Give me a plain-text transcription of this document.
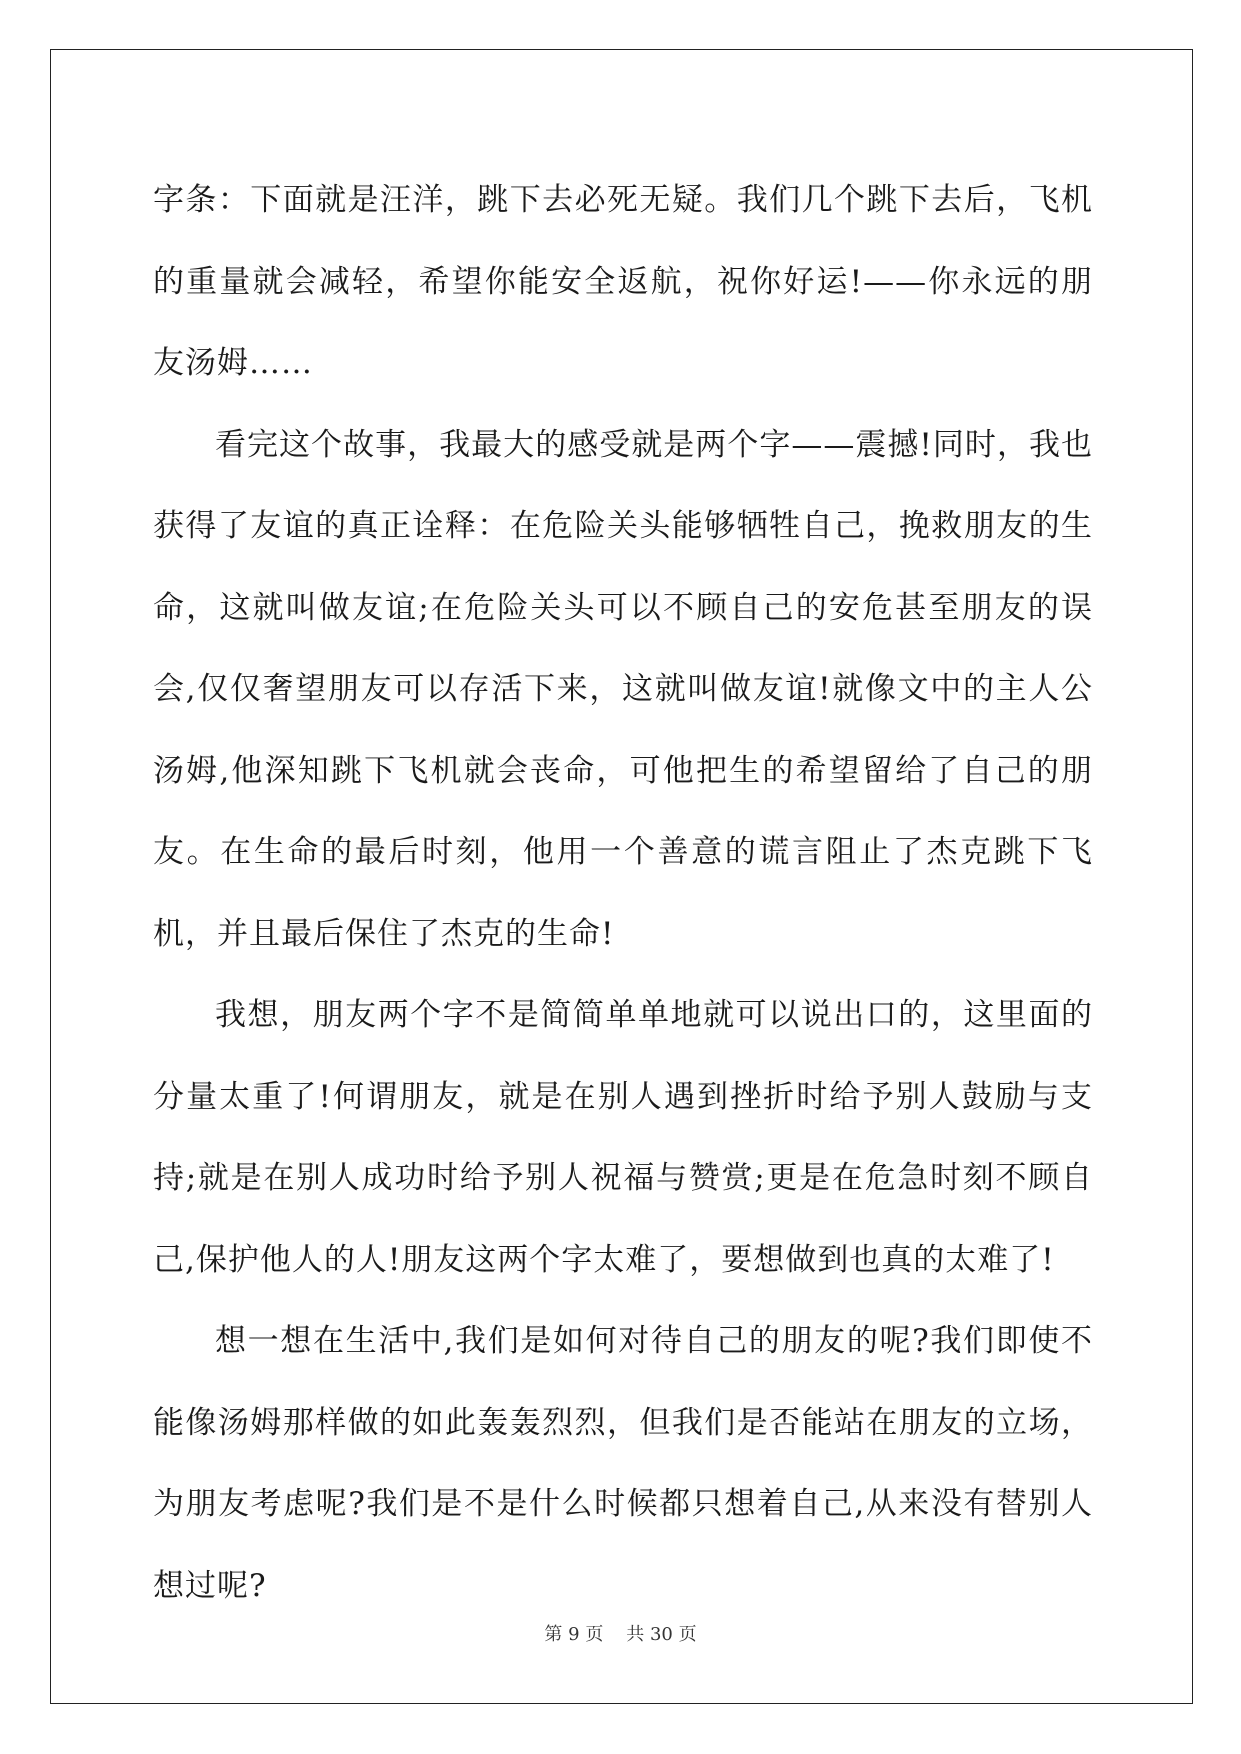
字条：下面就是汪洋，跳下去必死无疑。我们几个跳下去后，飞机的重量就会减轻，希望你能安全返航，祝你好运!——你永远的朋友汤姆……

看完这个故事，我最大的感受就是两个字——震撼!同时，我也获得了友谊的真正诠释：在危险关头能够牺牲自己，挽救朋友的生命，这就叫做友谊;在危险关头可以不顾自己的安危甚至朋友的误会,仅仅奢望朋友可以存活下来，这就叫做友谊!就像文中的主人公汤姆,他深知跳下飞机就会丧命，可他把生的希望留给了自己的朋友。在生命的最后时刻，他用一个善意的谎言阻止了杰克跳下飞机，并且最后保住了杰克的生命!

我想，朋友两个字不是简简单单地就可以说出口的，这里面的分量太重了!何谓朋友，就是在别人遇到挫折时给予别人鼓励与支持;就是在别人成功时给予别人祝福与赞赏;更是在危急时刻不顾自己,保护他人的人!朋友这两个字太难了，要想做到也真的太难了!

想一想在生活中,我们是如何对待自己的朋友的呢?我们即使不能像汤姆那样做的如此轰轰烈烈，但我们是否能站在朋友的立场，为朋友考虑呢?我们是不是什么时候都只想着自己,从来没有替别人想过呢?

第 9 页 共 30 页
